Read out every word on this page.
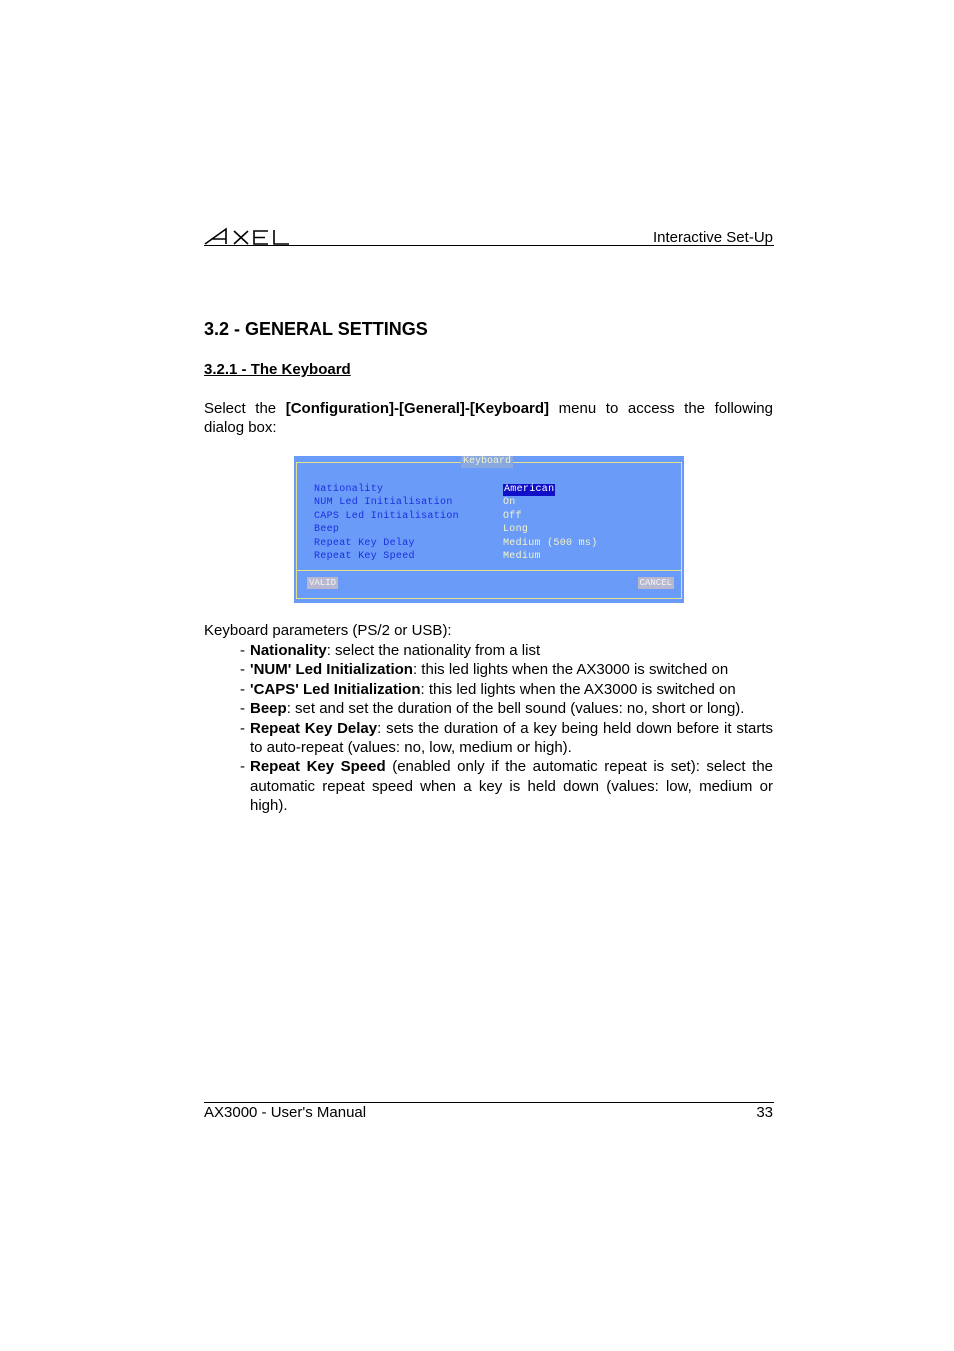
Interactive Set-Up
3.2 - GENERAL SETTINGS
3.2.1 - The Keyboard
Select the [Configuration]-[General]-[Keyboard] menu to access the following dialog box:
Keyboard
Nationality	American
NUM Led Initialisation	On
CAPS Led Initialisation	Off
Beep	Long
Repeat Key Delay	Medium (500 ms)
Repeat Key Speed	Medium
VALID	CANCEL
Keyboard parameters (PS/2 or USB):
- Nationality: select the nationality from a list
- 'NUM' Led Initialization: this led lights when the AX3000 is switched on
- 'CAPS' Led Initialization: this led lights when the AX3000 is switched on
- Beep: set and set the duration of the bell sound (values: no, short or long).
- Repeat Key Delay: sets the duration of a key being held down before it starts to auto-repeat (values: no, low, medium or high).
- Repeat Key Speed (enabled only if the automatic repeat is set): select the automatic repeat speed when a key is held down (values: low, medium or high).
AX3000 - User's Manual	33
